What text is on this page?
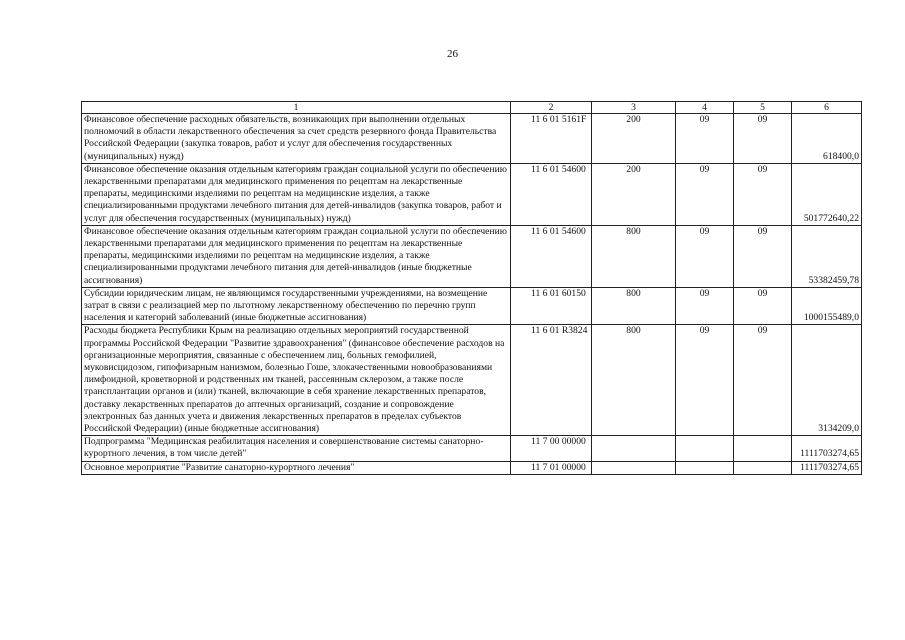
26
1	2	3	4	5	6
Финансовое обеспечение расходных обязательств, возникающих при выполнении отдельных полномочий в области лекарственного обеспечения за счет средств резервного фонда Правительства Российской Федерации (закупка товаров, работ и услуг для обеспечения государственных (муниципальных) нужд)	11 6 01 5161F	200	09	09	618400,0
Финансовое обеспечение оказания отдельным категориям граждан социальной услуги по обеспечению лекарственными препаратами для медицинского применения по рецептам на лекарственные препараты, медицинскими изделиями по рецептам на медицинские изделия, а также специализированными продуктами лечебного питания для детей-инвалидов (закупка товаров, работ и услуг для обеспечения государственных (муниципальных) нужд)	11 6 01 54600	200	09	09	501772640,22
Финансовое обеспечение оказания отдельным категориям граждан социальной услуги по обеспечению лекарственными препаратами для медицинского применения по рецептам на лекарственные препараты, медицинскими изделиями по рецептам на медицинские изделия, а также специализированными продуктами лечебного питания для детей-инвалидов (иные бюджетные ассигнования)	11 6 01 54600	800	09	09	53382459,78
Субсидии юридическим лицам, не являющимся государственными учреждениями, на возмещение затрат в связи с реализацией мер по льготному лекарственному обеспечению по перечню групп населения и категорий заболеваний (иные бюджетные ассигнования)	11 6 01 60150	800	09	09	1000155489,0
Расходы бюджета Республики Крым на реализацию отдельных мероприятий государственной программы Российской Федерации "Развитие здравоохранения" (финансовое обеспечение расходов на организационные мероприятия, связанные с обеспечением лиц, больных гемофилией, муковисцидозом, гипофизарным нанизмом, болезнью Гоше, злокачественными новообразованиями лимфоидной, кроветворной и родственных им тканей, рассеянным склерозом, а также после трансплантации органов и (или) тканей, включающие в себя хранение лекарственных препаратов, доставку лекарственных препаратов до аптечных организаций, создание и сопровождение электронных баз данных учета и движения лекарственных препаратов в пределах субъектов Российской Федерации) (иные бюджетные ассигнования)	11 6 01 R3824	800	09	09	3134209,0
Подпрограмма "Медицинская реабилитация населения и совершенствование системы санаторно-курортного лечения, в том числе детей"	11 7 00 00000				1111703274,65
Основное мероприятие "Развитие санаторно-курортного лечения"	11 7 01 00000				1111703274,65
